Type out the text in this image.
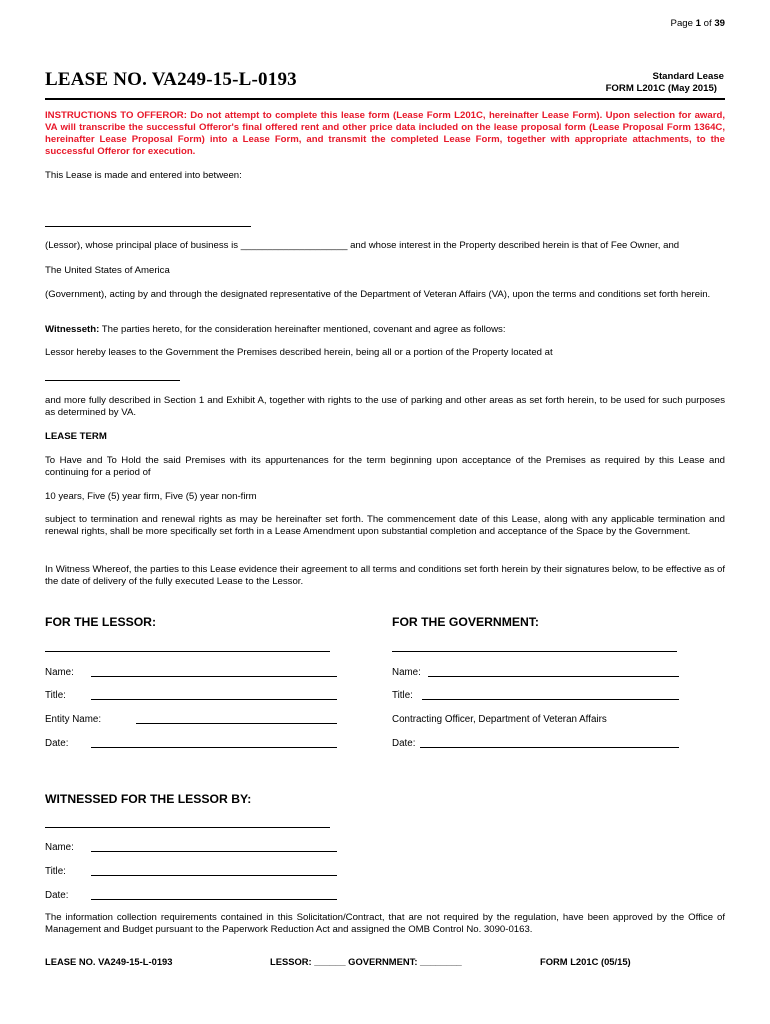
Page 1 of 39
LEASE NO. VA249-15-L-0193	Standard Lease
FORM L201C (May 2015)
INSTRUCTIONS TO OFFEROR: Do not attempt to complete this lease form (Lease Form L201C, hereinafter Lease Form). Upon selection for award, VA will transcribe the successful Offeror's final offered rent and other price data included on the lease proposal form (Lease Proposal Form 1364C, hereinafter Lease Proposal Form) into a Lease Form, and transmit the completed Lease Form, together with appropriate attachments, to the successful Offeror for execution.
This Lease is made and entered into between:
(Lessor), whose principal place of business is ____________________ and whose interest in the Property described herein is that of Fee Owner, and
The United States of America
(Government), acting by and through the designated representative of the Department of Veteran Affairs (VA), upon the terms and conditions set forth herein.
Witnesseth: The parties hereto, for the consideration hereinafter mentioned, covenant and agree as follows:
Lessor hereby leases to the Government the Premises described herein, being all or a portion of the Property located at
and more fully described in Section 1 and Exhibit A, together with rights to the use of parking and other areas as set forth herein, to be used for such purposes as determined by VA.
LEASE TERM
To Have and To Hold the said Premises with its appurtenances for the term beginning upon acceptance of the Premises as required by this Lease and continuing for a period of
10 years, Five (5) year firm, Five (5) year non-firm
subject to termination and renewal rights as may be hereinafter set forth. The commencement date of this Lease, along with any applicable termination and renewal rights, shall be more specifically set forth in a Lease Amendment upon substantial completion and acceptance of the Space by the Government.
In Witness Whereof, the parties to this Lease evidence their agreement to all terms and conditions set forth herein by their signatures below, to be effective as of the date of delivery of the fully executed Lease to the Lessor.
FOR THE LESSOR:
Name:
Title:
Entity Name:
Date:
FOR THE GOVERNMENT:
Name:
Title:
Contracting Officer, Department of Veteran Affairs
Date:
WITNESSED FOR THE LESSOR BY:
Name:
Title:
Date:
The information collection requirements contained in this Solicitation/Contract, that are not required by the regulation, have been approved by the Office of Management and Budget pursuant to the Paperwork Reduction Act and assigned the OMB Control No. 3090-0163.
LEASE NO. VA249-15-L-0193	LESSOR: ______ GOVERNMENT: ________	FORM L201C (05/15)
